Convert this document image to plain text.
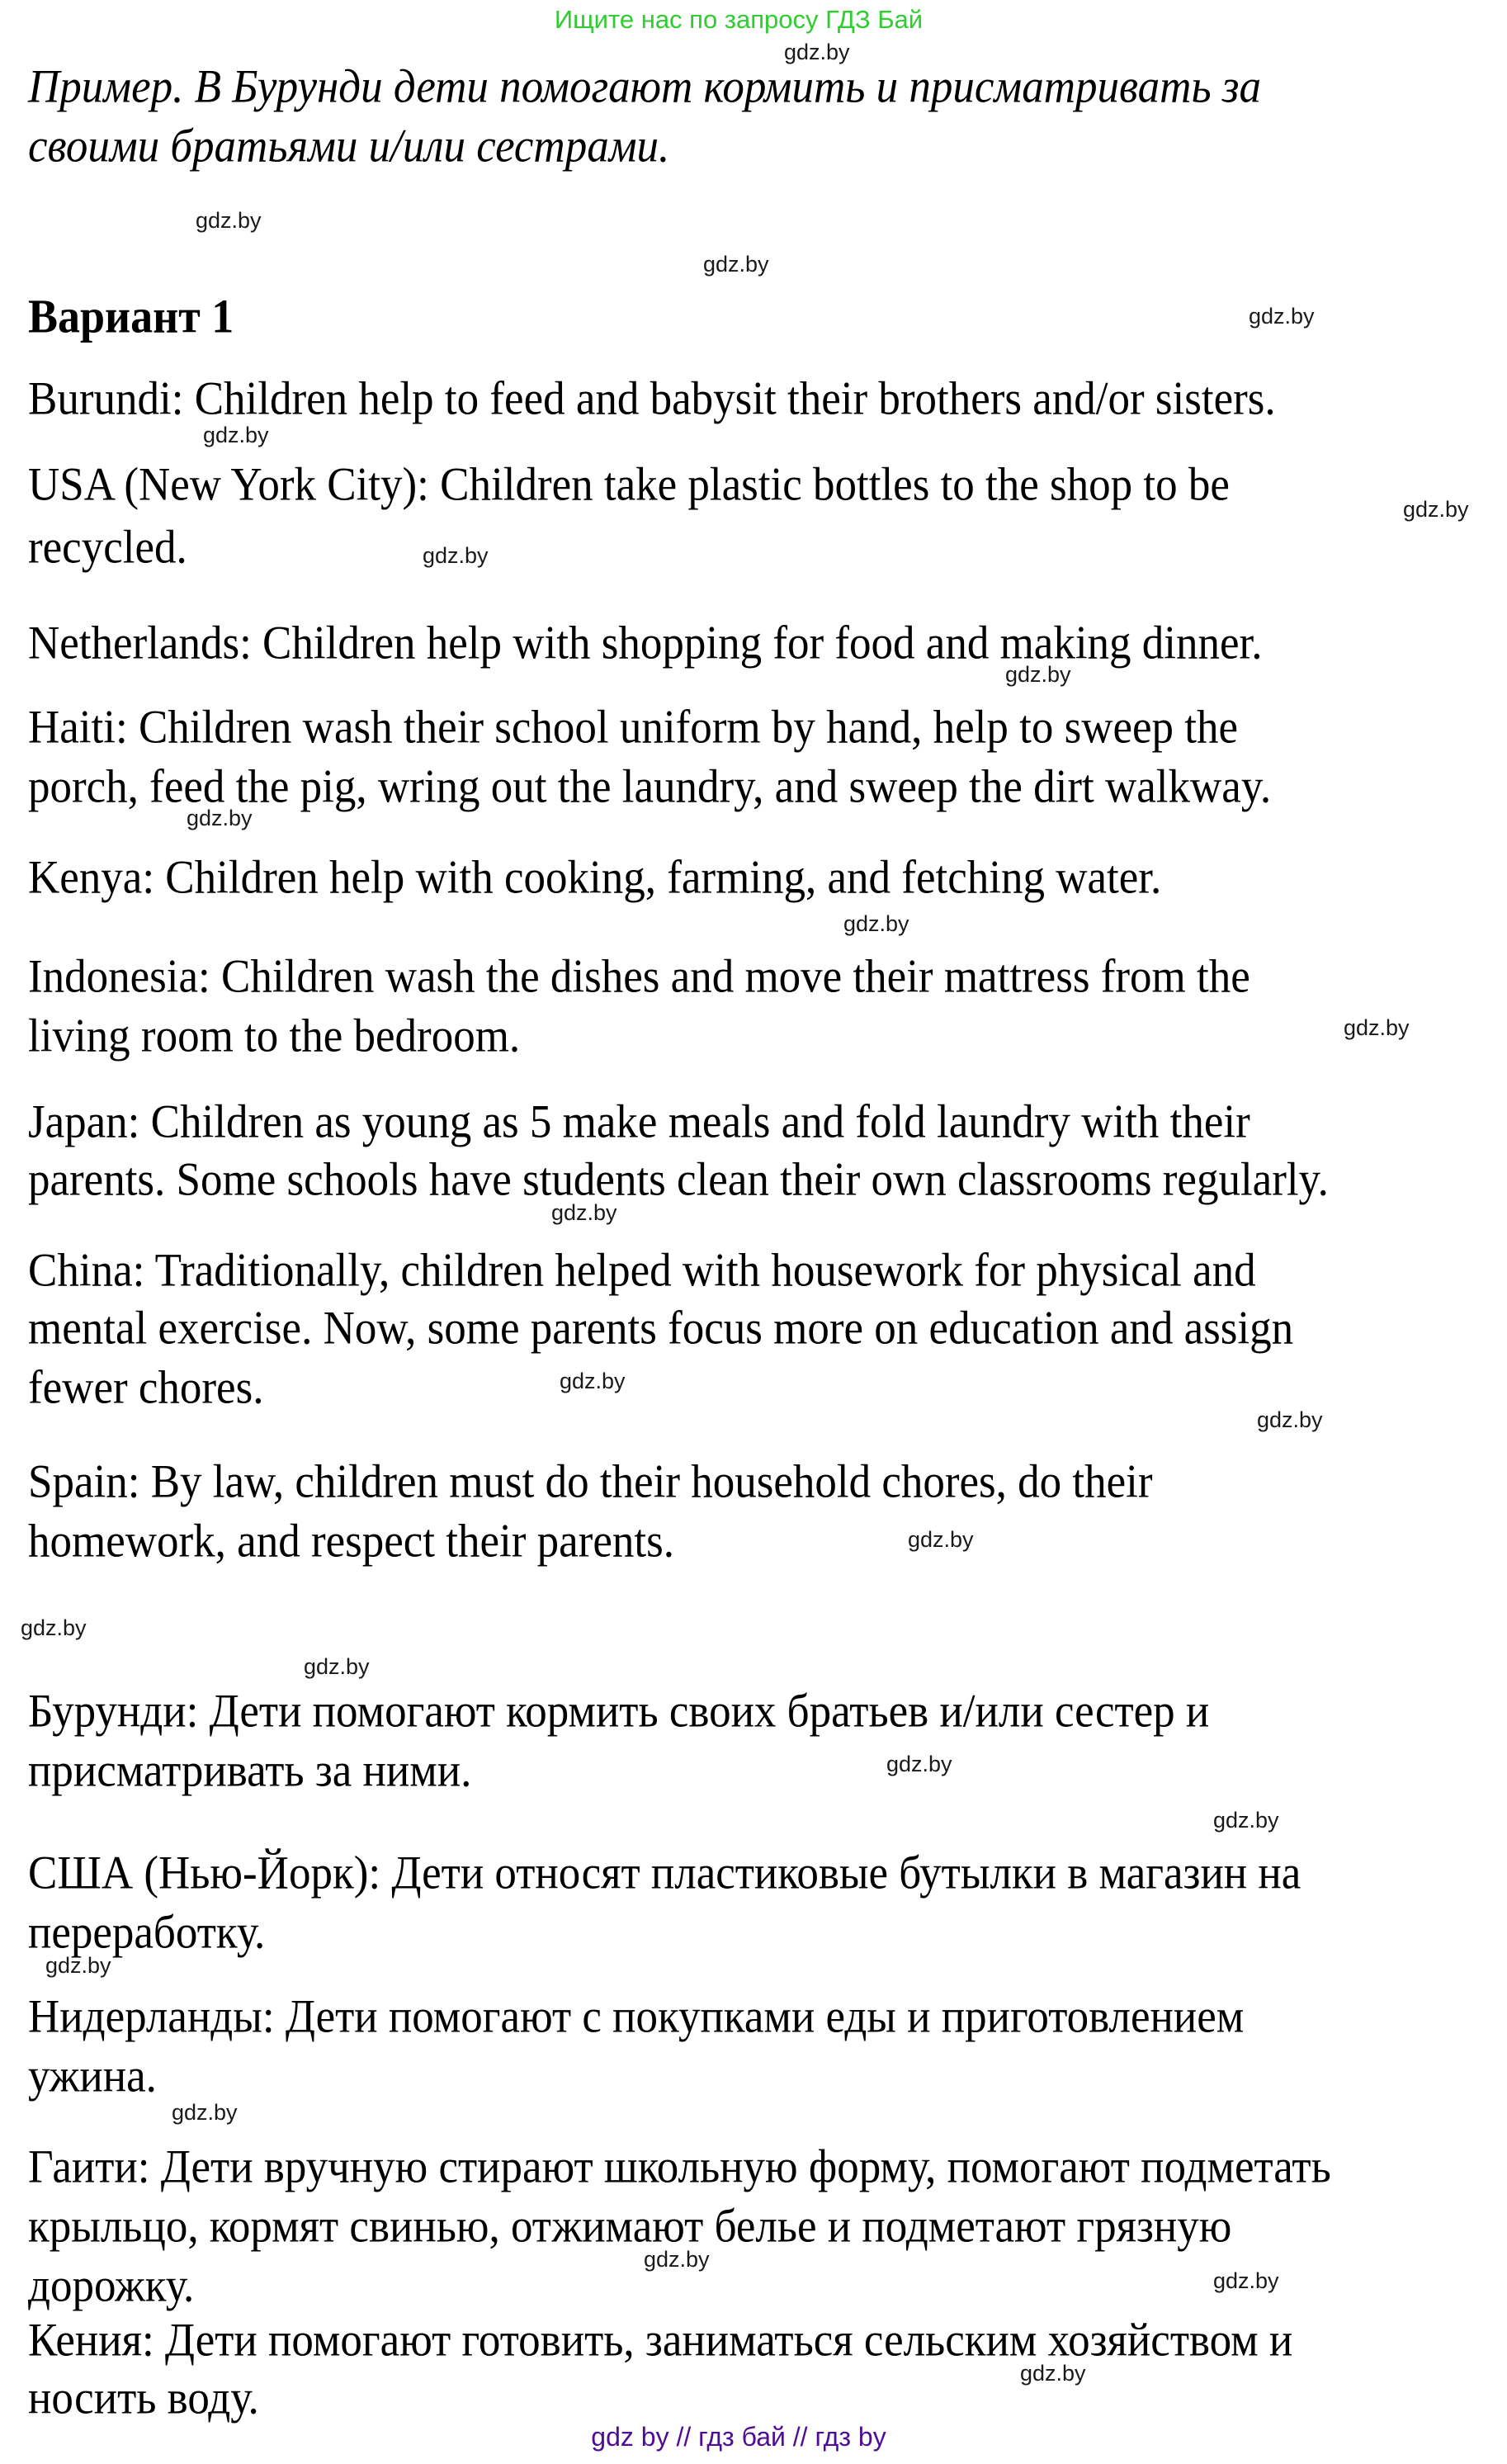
Ищите нас по запросу ГДЗ Бай
gdz.by
Пример. В Бурунди дети помогают кормить и присматривать за
своими братьями и/или сестрами.
gdz.by
gdz.by
Вариант 1	gdz.by
Burundi: Children help to feed and babysit their brothers and/or sisters.
gdz.by
USA (New York City): Children take plastic bottles to the shop to be	gdz.by
recycled.	gdz.by
Netherlands: Children help with shopping for food and making dinner.
gdz.by
Haiti: Children wash their school uniform by hand, help to sweep the
porch, feed the pig, wring out the laundry, and sweep the dirt walkway.
gdz.by
Kenya: Children help with cooking, farming, and fetching water.
gdz.by
Indonesia: Children wash the dishes and move their mattress from the
living room to the bedroom.	gdz.by
Japan: Children as young as 5 make meals and fold laundry with their
parents. Some schools have students clean their own classrooms regularly.
gdz.by
China: Traditionally, children helped with housework for physical and
mental exercise. Now, some parents focus more on education and assign
fewer chores.	gdz.by
gdz.by
Spain: By law, children must do their household chores, do their
homework, and respect their parents.	gdz.by
gdz.by
gdz.by
Бурунди: Дети помогают кормить своих братьев и/или сестер и
присматривать за ними.	gdz.by
gdz.by
США (Нью-Йорк): Дети относят пластиковые бутылки в магазин на
переработку.
gdz.by
Нидерланды: Дети помогают с покупками еды и приготовлением
ужина.
gdz.by
Гаити: Дети вручную стирают школьную форму, помогают подметать
крыльцо, кормят свинью, отжимают белье и подметают грязную
gdz.by
дорожку.	gdz.by
Кения: Дети помогают готовить, заниматься сельским хозяйством и
gdz.by
носить воду.
gdz by // гдз бай // гдз by
